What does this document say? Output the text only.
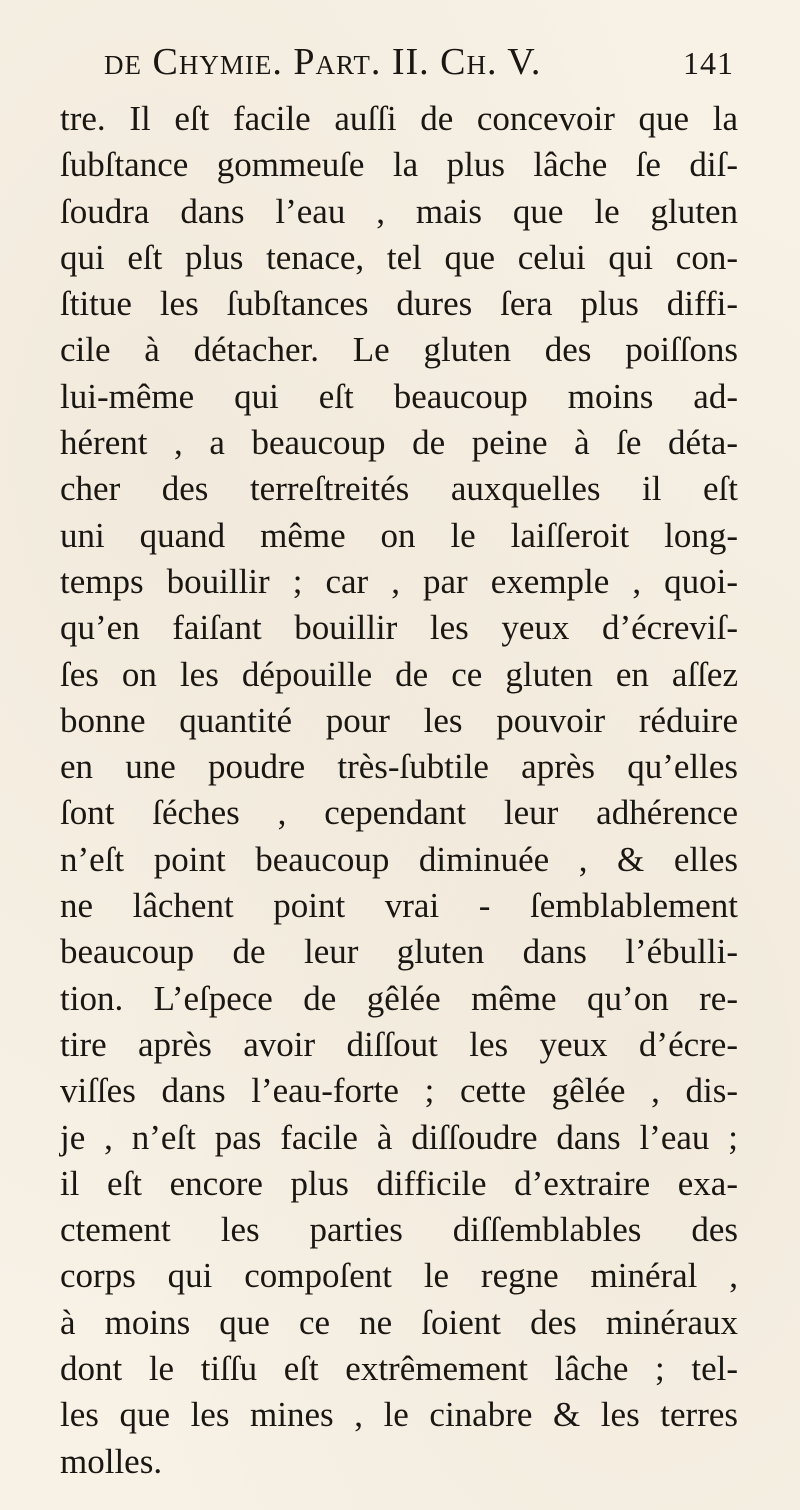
de Chymie. Part. II. Ch. V.	141
tre. Il eſt facile auſſi de concevoir que la
ſubſtance gommeuſe la plus lâche ſe diſ-
ſoudra dans l’eau , mais que le gluten
qui eſt plus tenace, tel que celui qui con-
ſtitue les ſubſtances dures ſera plus diffi-
cile à détacher. Le gluten des poiſſons
lui-même qui eſt beaucoup moins ad-
hérent , a beaucoup de peine à ſe déta-
cher des terreſtreités auxquelles il eſt
uni quand même on le laiſſeroit long-
temps bouillir ; car , par exemple , quoi-
qu’en faiſant bouillir les yeux d’écreviſ-
ſes on les dépouille de ce gluten en aſſez
bonne quantité pour les pouvoir réduire
en une poudre très-ſubtile après qu’elles
ſont ſéches , cependant leur adhérence
n’eſt point beaucoup diminuée , & elles
ne lâchent point vrai - ſemblablement
beaucoup de leur gluten dans l’ébulli-
tion. L’eſpece de gêlée même qu’on re-
tire après avoir diſſout les yeux d’écre-
viſſes dans l’eau-forte ; cette gêlée , dis-
je , n’eſt pas facile à diſſoudre dans l’eau ;
il eſt encore plus difficile d’extraire exa-
ctement les parties diſſemblables des
corps qui compoſent le regne minéral ,
à moins que ce ne ſoient des minéraux
dont le tiſſu eſt extrêmement lâche ; tel-
les que les mines , le cinabre & les terres
molles.
